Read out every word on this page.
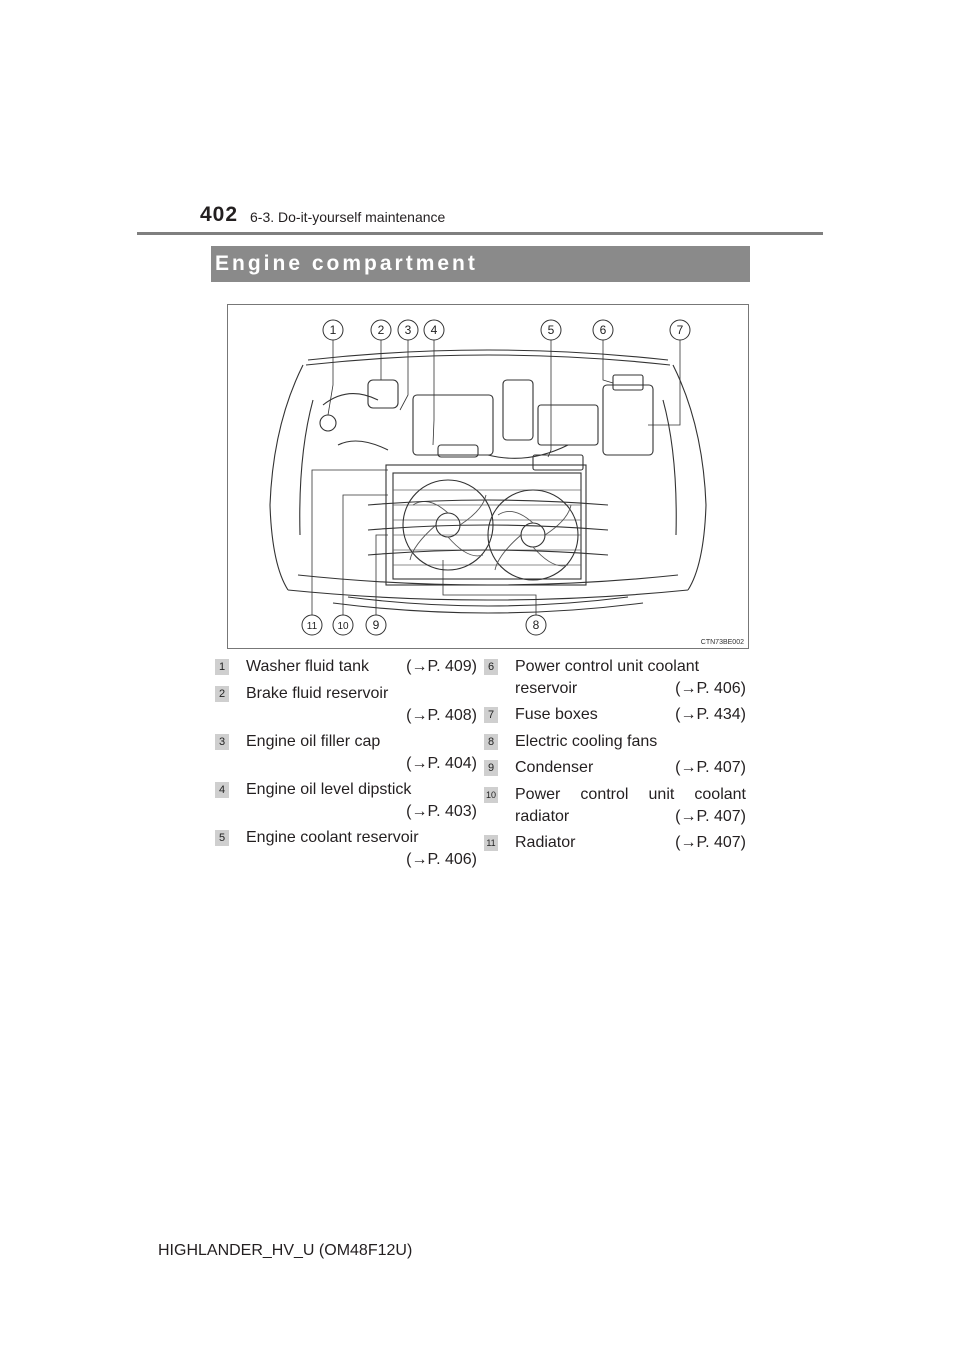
402 6-3. Do-it-yourself maintenance
Engine compartment
1	2 3 4	5	6	7
8
9
10
11
CTN73BE002
1 Washer fluid tank	(→P. 409)
2 Brake fluid reservoir
(→P. 408)
3 Engine oil filler cap
(→P. 404)
4 Engine oil level dipstick
(→P. 403)
5 Engine coolant reservoir
(→P. 406)
6 Power control unit coolant
reservoir	(→P. 406)
7 Fuse boxes	(→P. 434)
8 Electric cooling fans
9 Condenser	(→P. 407)
10 Power control unit coolant
radiator	(→P. 407)
11 Radiator	(→P. 407)
HIGHLANDER_HV_U (OM48F12U)
